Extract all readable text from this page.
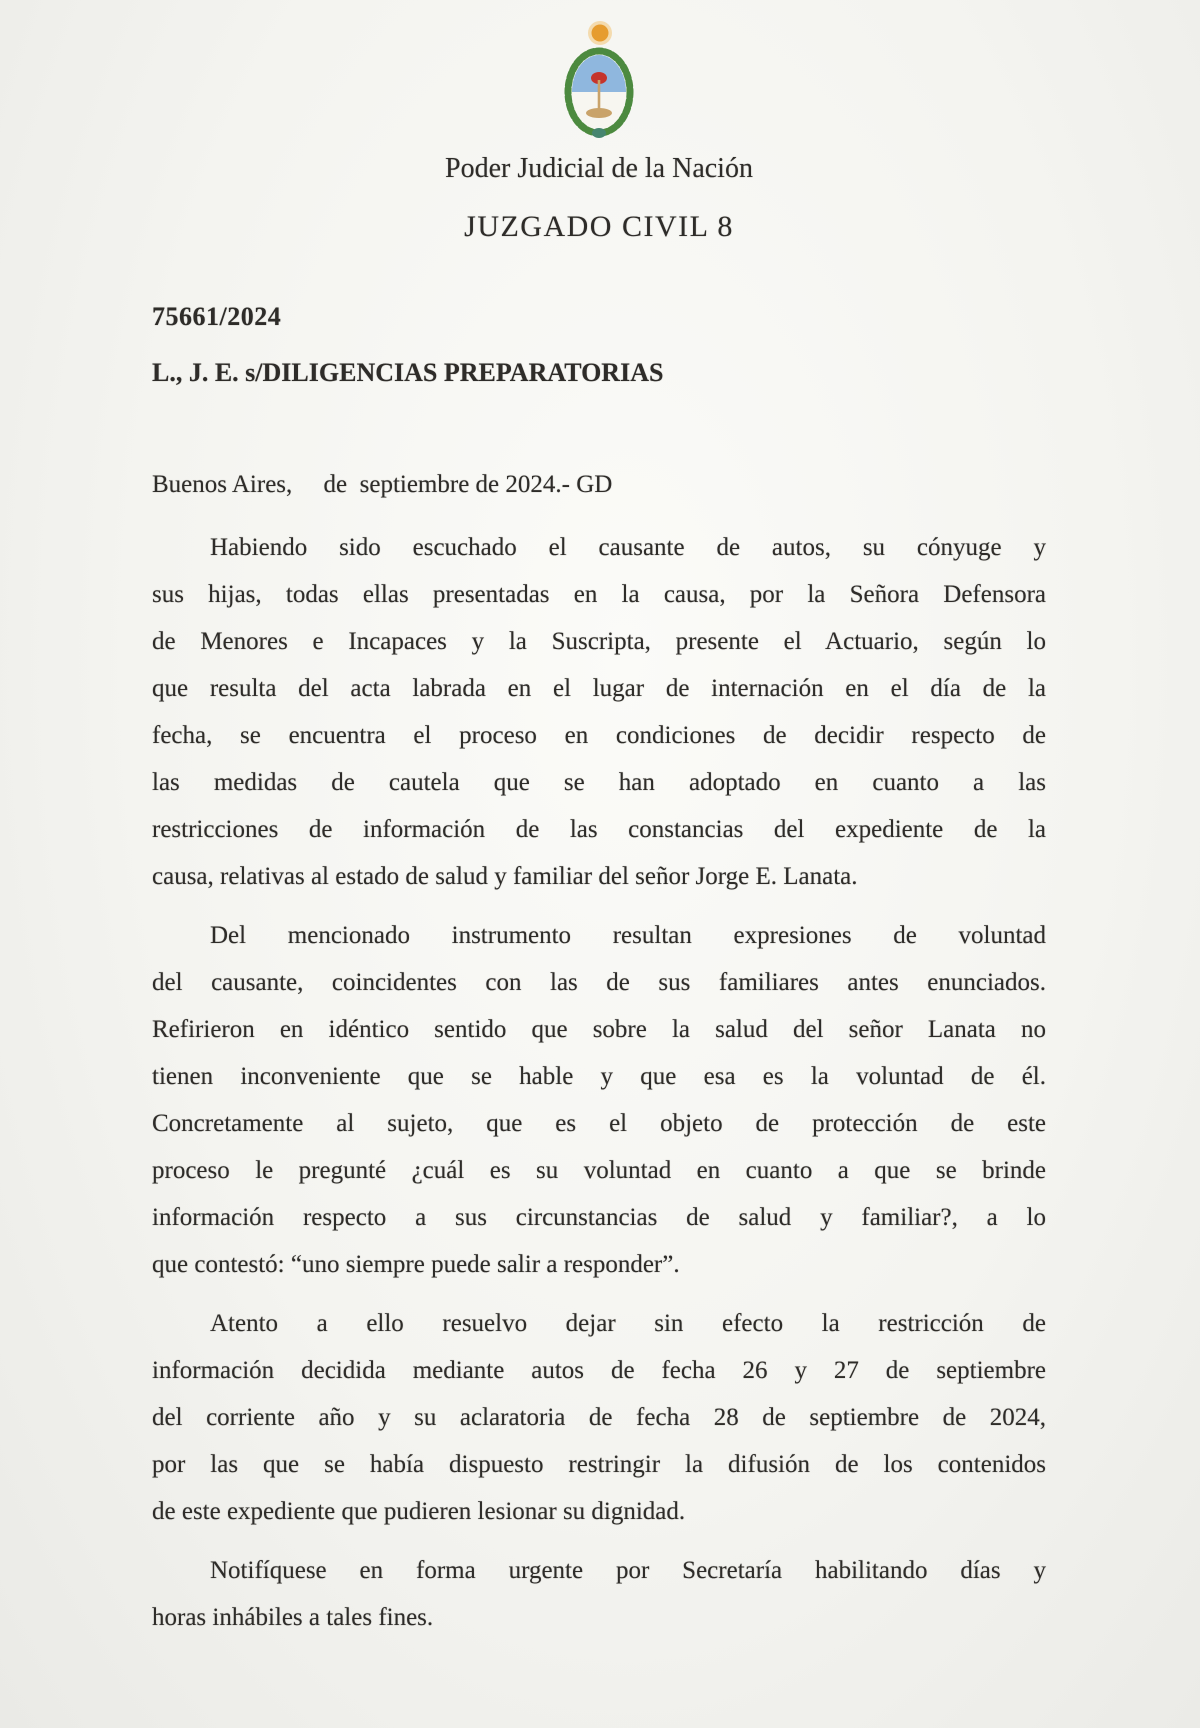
Poder Judicial de la Nación
JUZGADO CIVIL 8
75661/2024
L., J. E. s/DILIGENCIAS PREPARATORIAS
Buenos Aires,     de  septiembre de 2024.- GD
Habiendo sido escuchado el causante de autos, su cónyuge y
sus hijas, todas ellas presentadas en la causa, por la Señora Defensora
de Menores e Incapaces y la Suscripta, presente el Actuario, según lo
que resulta del acta labrada en el lugar de internación en el día de la
fecha, se encuentra el proceso en condiciones de decidir respecto de
las medidas de cautela que se han adoptado en cuanto a las
restricciones de información de las constancias del expediente de la
causa, relativas al estado de salud y familiar del señor Jorge E. Lanata.
Del mencionado instrumento resultan expresiones de voluntad
del causante, coincidentes con las de sus familiares antes enunciados.
Refirieron en idéntico sentido que sobre la salud del señor Lanata no
tienen inconveniente que se hable y que esa es la voluntad de él.
Concretamente al sujeto, que es el objeto de protección de este
proceso le pregunté ¿cuál es su voluntad en cuanto a que se brinde
información respecto a sus circunstancias de salud y familiar?, a lo
que contestó: “uno siempre puede salir a responder”.
Atento a ello resuelvo dejar sin efecto la restricción de
información decidida mediante autos de fecha 26 y 27 de septiembre
del corriente año y su aclaratoria de fecha 28 de septiembre de 2024,
por las que se había dispuesto restringir la difusión de los contenidos
de este expediente que pudieren lesionar su dignidad.
Notifíquese en forma urgente por Secretaría habilitando días y
horas inhábiles a tales fines.
